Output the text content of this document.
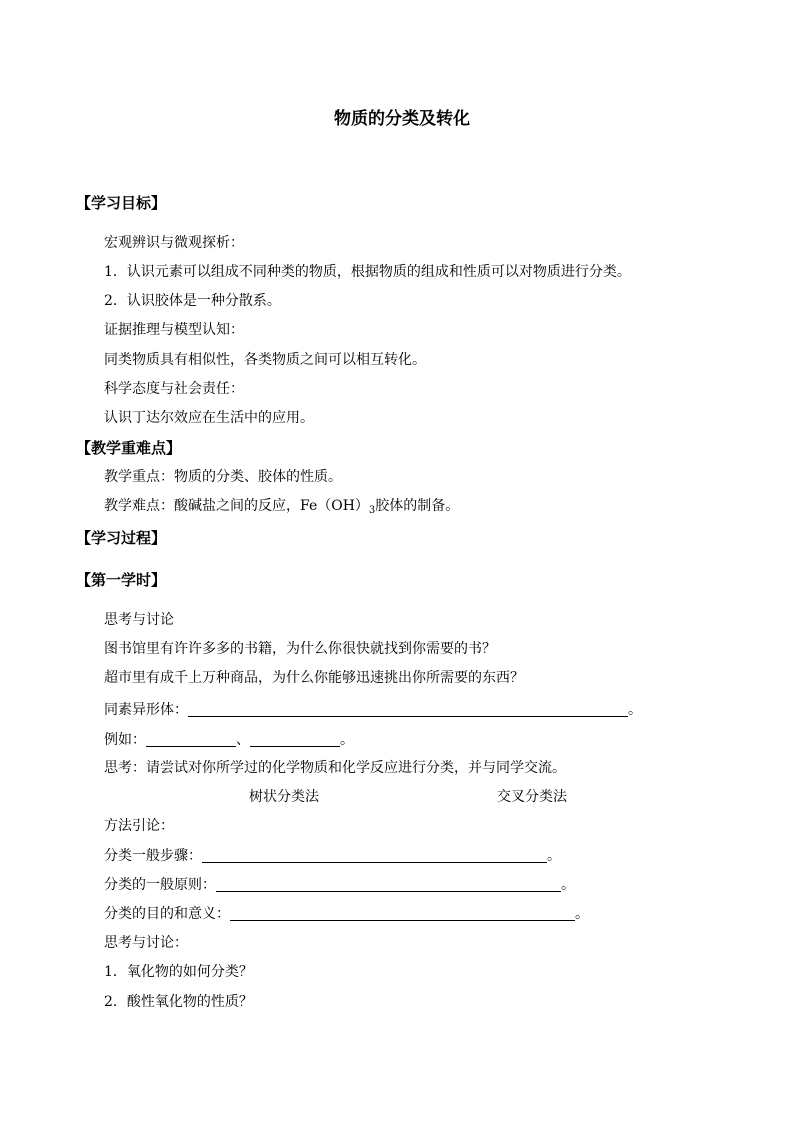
物质的分类及转化
【学习目标】
宏观辨识与微观探析：
1．认识元素可以组成不同种类的物质，根据物质的组成和性质可以对物质进行分类。
2．认识胶体是一种分散系。
证据推理与模型认知：
同类物质具有相似性，各类物质之间可以相互转化。
科学态度与社会责任：
认识丁达尔效应在生活中的应用。
【教学重难点】
教学重点：物质的分类、胶体的性质。
教学难点：酸碱盐之间的反应，$Fe(OH)_3$胶体的制备。
【学习过程】
【第一学时】
思考与讨论
图书馆里有许许多多的书籍，为什么你很快就找到你需要的书？
超市里有成千上万种商品，为什么你能够迅速挑出你所需要的东西？
同素异形体：	。
例如：	、	。
思考：请尝试对你所学过的化学物质和化学反应进行分类，并与同学交流。
树状分类法	交叉分类法
方法引论：
分类一般步骤：	。
分类的一般原则：	。
分类的目的和意义：	。
思考与讨论：
1．氧化物的如何分类？
2．酸性氧化物的性质？
